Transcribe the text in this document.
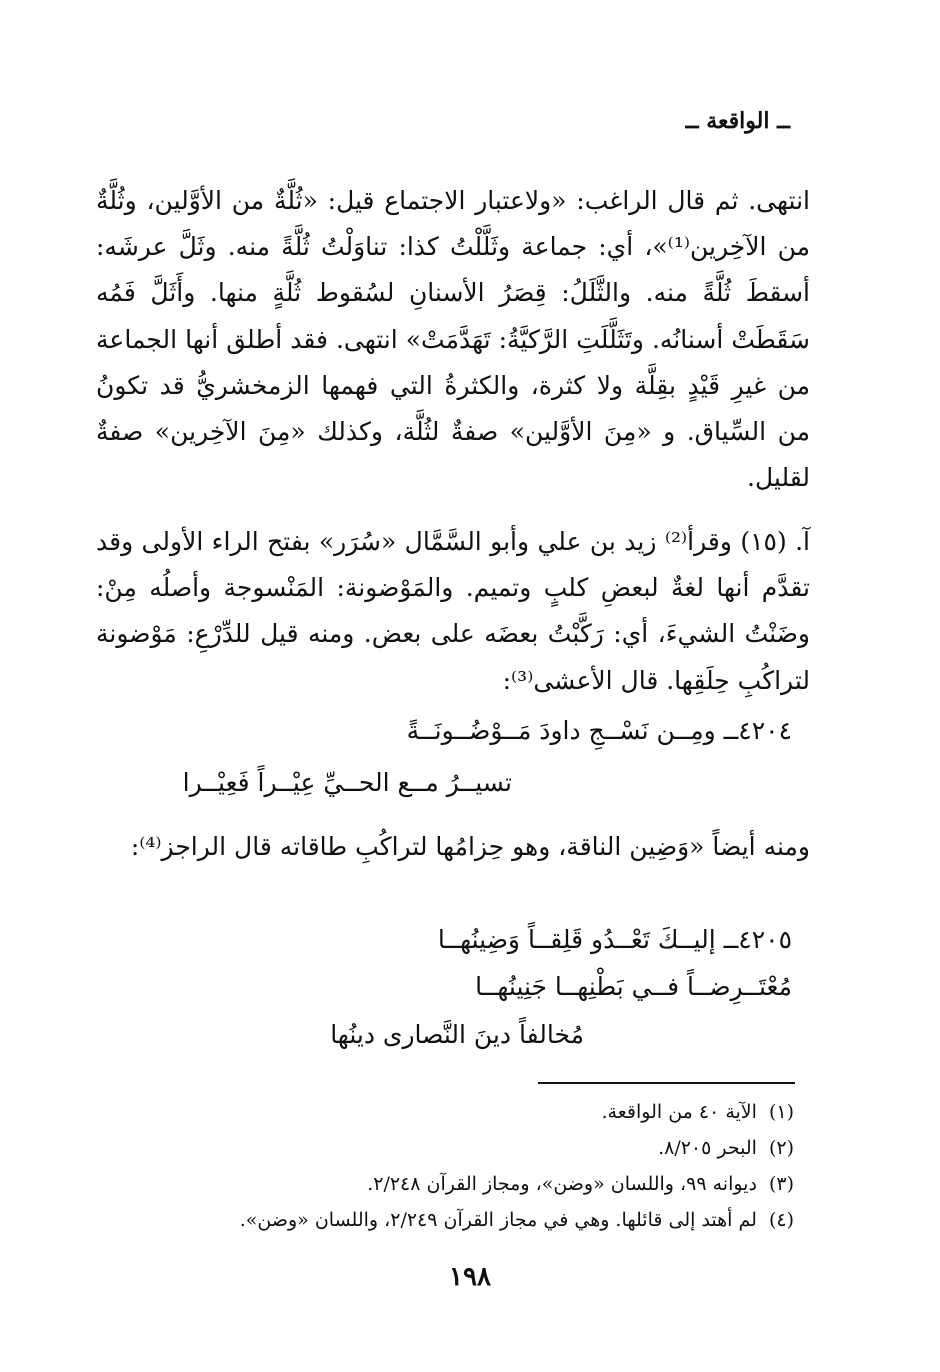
ــ الواقعة ــ
انتهى. ثم قال الراغب: «ولاعتبار الاجتماع قيل: «ثُلَّةٌ من الأوَّلين، وثُلَّةٌ من الآخِرين⁽¹⁾»، أي: جماعة وثَلَّلْتُ كذا: تناوَلْتُ ثُلَّةً منه. وثَلَّ عرشَه: أسقطَ ثُلَّةً منه. والثَّلَلُ: قِصَرُ الأسنانِ لسُقوط ثُلَّةٍ منها. وأَثَلَّ فَمُه سَقَطَتْ أسنانُه. وتَثَلَّلَتِ الرَّكيَّةُ: تَهَدَّمَتْ» انتهى. فقد أطلق أنها الجماعة من غيرِ قَيْدٍ بقِلَّة ولا كثرة، والكثرةُ التي فهمها الزمخشريُّ قد تكونُ من السِّياق. و «مِنَ الأوَّلين» صفةٌ لثُلَّة، وكذلك «مِنَ الآخِرين» صفةٌ لقليل.
آ. (١٥) وقرأ⁽²⁾ زيد بن علي وأبو السَّمَّال «سُرَر» بفتح الراء الأولى وقد تقدَّم أنها لغةٌ لبعضِ كلبٍ وتميم. والمَوْضونة: المَنْسوجة وأصلُه مِنْ: وضَنْتُ الشيءَ، أي: رَكَّبْتُ بعضَه على بعض. ومنه قيل للدِّرْعِ: مَوْضونة لتراكُبِ حِلَقِها. قال الأعشى⁽³⁾:
٤٢٠٤ــ ومِــن نَسْــجِ داودَ مَــوْضُــونَــةً
تسيــرُ مــع الحــيِّ عِيْــراً فَعِيْــرا
ومنه أيضاً «وَضِين الناقة، وهو حِزامُها لتراكُبِ طاقاته قال الراجز⁽⁴⁾:
٤٢٠٥ــ إليــكَ تَعْــدُو قَلِقــاً وَضِينُهــا
مُعْتَــرِضــاً فــي بَطْنِهــا جَنِينُهــا
مُخالفاً دينَ النَّصارى دينُها
(١)الآية ٤٠ من الواقعة.
(٢)البحر ٨/٢٠٥.
(٣)ديوانه ٩٩، واللسان «وضن»، ومجاز القرآن ٢/٢٤٨.
(٤)لم أهتد إلى قائلها. وهي في مجاز القرآن ٢/٢٤٩، واللسان «وضن».
١٩٨
